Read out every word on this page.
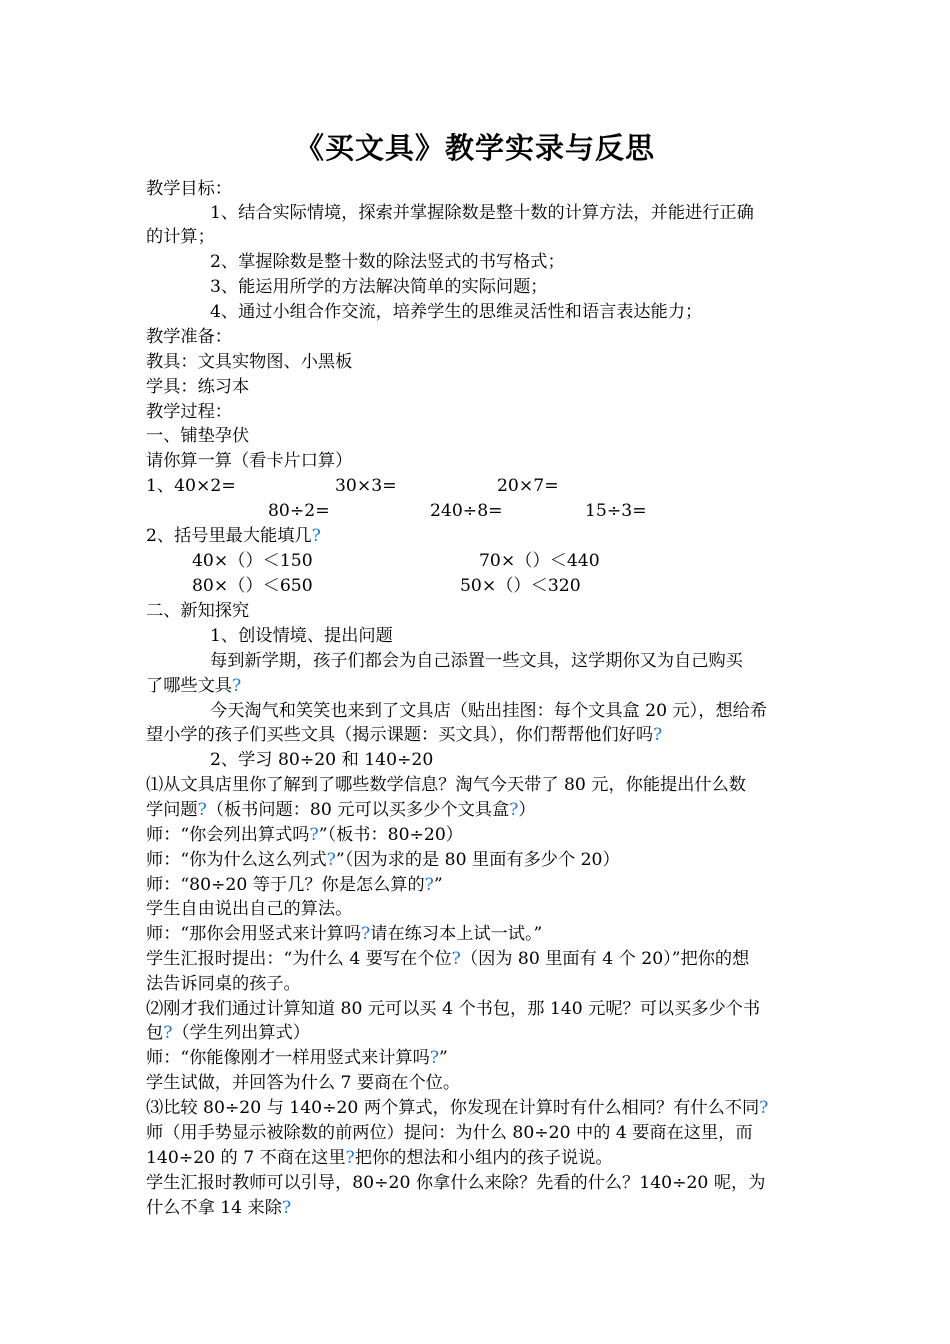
《买文具》教学实录与反思
教学目标：
1、结合实际情境，探索并掌握除数是整十数的计算方法，并能进行正确
的计算；
2、掌握除数是整十数的除法竖式的书写格式；
3、能运用所学的方法解决简单的实际问题；
4、通过小组合作交流，培养学生的思维灵活性和语言表达能力；
教学准备：
教具：文具实物图、小黑板
学具：练习本
教学过程：
一、铺垫孕伏
请你算一算（看卡片口算）
1、40×2=	30×3=	20×7=
80÷2=	240÷8=	15÷3=
2、括号里最大能填几?
40×（）＜150	70×（）＜440
80×（）＜650	50×（）＜320
二、新知探究
1、创设情境、提出问题
每到新学期，孩子们都会为自己添置一些文具，这学期你又为自己购买
了哪些文具?
今天淘气和笑笑也来到了文具店（贴出挂图：每个文具盒 20 元），想给希
望小学的孩子们买些文具（揭示课题：买文具），你们帮帮他们好吗?
2、学习 80÷20 和 140÷20
⑴从文具店里你了解到了哪些数学信息？淘气今天带了 80 元，你能提出什么数
学问题?（板书问题：80 元可以买多少个文具盒?）
师：“你会列出算式吗?”（板书：80÷20）
师：“你为什么这么列式?”（因为求的是 80 里面有多少个 20）
师：“80÷20 等于几？你是怎么算的?”
学生自由说出自己的算法。
师：“那你会用竖式来计算吗?请在练习本上试一试。”
学生汇报时提出：“为什么 4 要写在个位?（因为 80 里面有 4 个 20）”把你的想
法告诉同桌的孩子。
⑵刚才我们通过计算知道 80 元可以买 4 个书包，那 140 元呢？可以买多少个书
包?（学生列出算式）
师：“你能像刚才一样用竖式来计算吗?”
学生试做，并回答为什么 7 要商在个位。
⑶比较 80÷20 与 140÷20 两个算式，你发现在计算时有什么相同？有什么不同?
师（用手势显示被除数的前两位）提问：为什么 80÷20 中的 4 要商在这里，而
140÷20 的 7 不商在这里?把你的想法和小组内的孩子说说。
学生汇报时教师可以引导，80÷20 你拿什么来除？先看的什么？140÷20 呢，为
什么不拿 14 来除?
